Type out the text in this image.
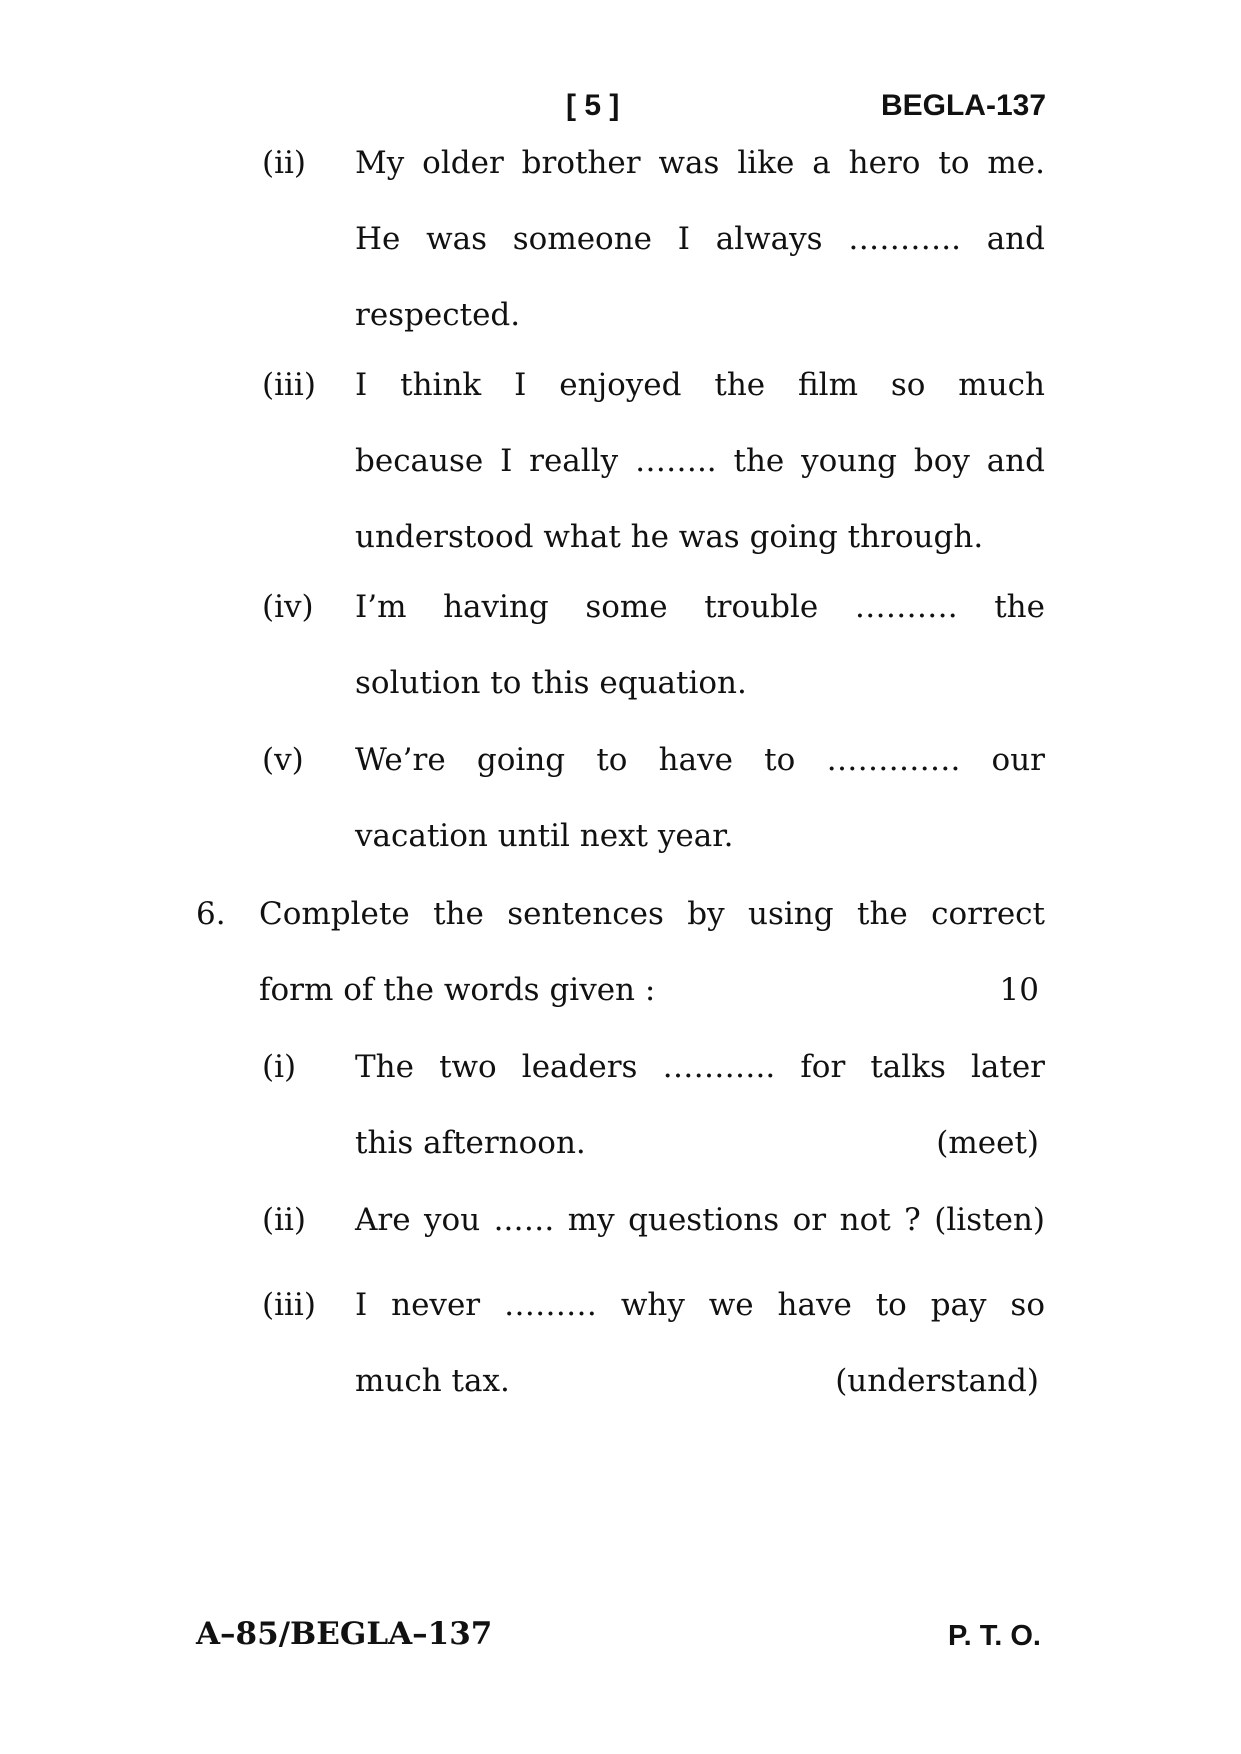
[ 5 ]	BEGLA-137
(ii) My older brother was like a hero to me.
He was someone I always ……….. and
respected.
(iii) I think I enjoyed the film so much
because I really …….. the young boy and
understood what he was going through.
(iv) I’m having some trouble ………. the
solution to this equation.
(v) We’re going to have to …………. our
vacation until next year.
6. Complete the sentences by using the correct
form of the words given :	10
(i) The two leaders ……….. for talks later
this afternoon.	(meet)
(ii) Are you ..…. my questions or not ? (listen)
(iii) I never ……… why we have to pay so
much tax.	(understand)
A–85/BEGLA–137	P. T. O.
